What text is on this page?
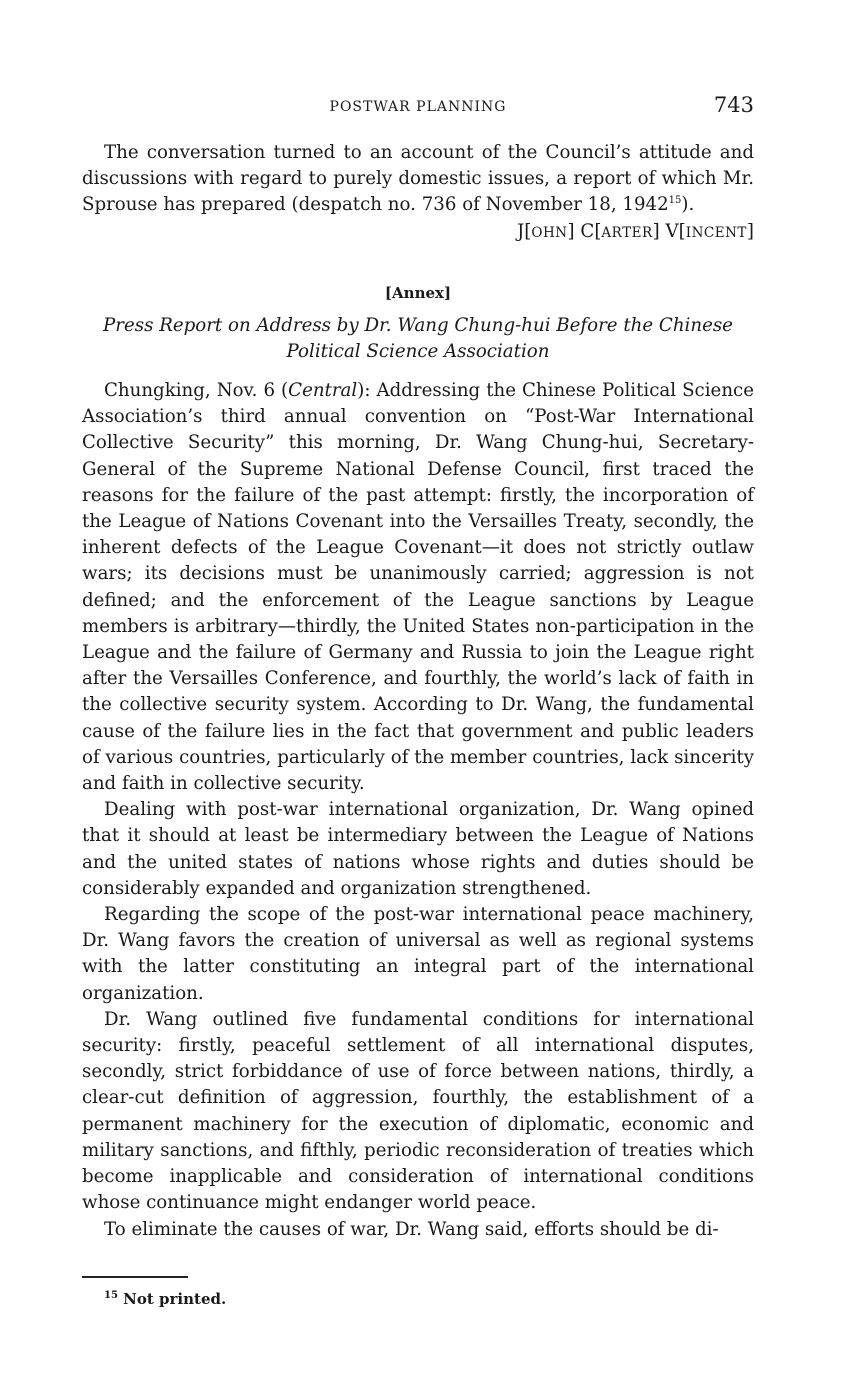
POSTWAR PLANNING	743

The conversation turned to an account of the Council’s attitude and discussions with regard to purely domestic issues, a report of which Mr. Sprouse has prepared (despatch no. 736 of November 18, 1942$^{15}$).

J[OHN] C[ARTER] V[INCENT]

[Annex]

Press Report on Address by Dr. Wang Chung-hui Before the Chinese Political Science Association

Chungking, Nov. 6 (Central): Addressing the Chinese Political Science Association’s third annual convention on “Post-War International Collective Security” this morning, Dr. Wang Chung-hui, Secretary-General of the Supreme National Defense Council, first traced the reasons for the failure of the past attempt: firstly, the incorporation of the League of Nations Covenant into the Versailles Treaty, secondly, the inherent defects of the League Covenant—it does not strictly outlaw wars; its decisions must be unanimously carried; aggression is not defined; and the enforcement of the League sanctions by League members is arbitrary—thirdly, the United States non-participation in the League and the failure of Germany and Russia to join the League right after the Versailles Conference, and fourthly, the world’s lack of faith in the collective security system. According to Dr. Wang, the fundamental cause of the failure lies in the fact that government and public leaders of various countries, particularly of the member countries, lack sincerity and faith in collective security.

Dealing with post-war international organization, Dr. Wang opined that it should at least be intermediary between the League of Nations and the united states of nations whose rights and duties should be considerably expanded and organization strengthened.

Regarding the scope of the post-war international peace machinery, Dr. Wang favors the creation of universal as well as regional systems with the latter constituting an integral part of the international organization.

Dr. Wang outlined five fundamental conditions for international security: firstly, peaceful settlement of all international disputes, secondly, strict forbiddance of use of force between nations, thirdly, a clear-cut definition of aggression, fourthly, the establishment of a permanent machinery for the execution of diplomatic, economic and military sanctions, and fifthly, periodic reconsideration of treaties which become inapplicable and consideration of international conditions whose continuance might endanger world peace.

To eliminate the causes of war, Dr. Wang said, efforts should be di-

$^{15}$ Not printed.
